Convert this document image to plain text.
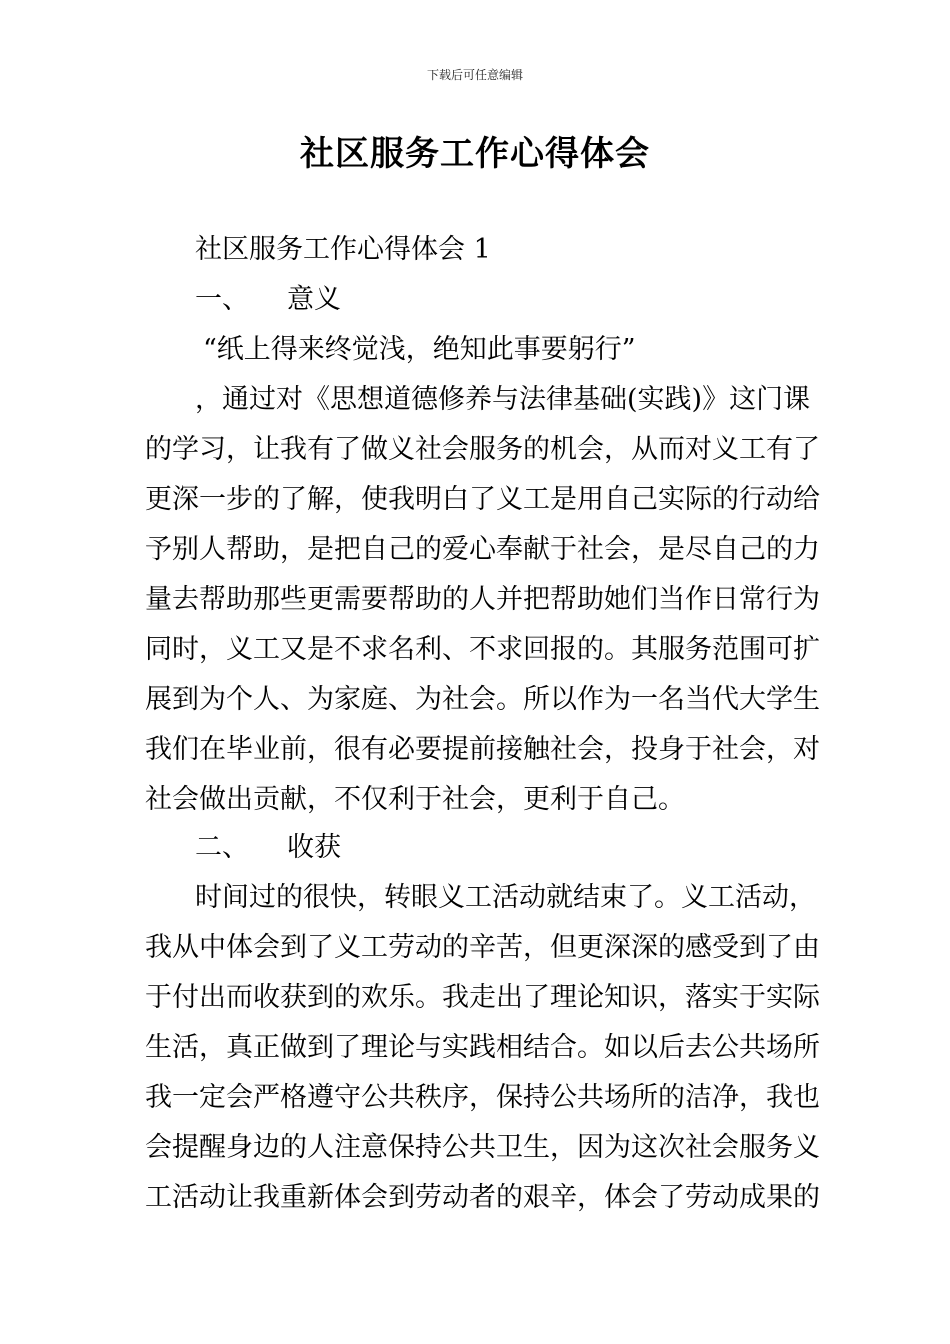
下载后可任意编辑
社区服务工作心得体会
社区服务工作心得体会 1
一、 意义
“纸上得来终觉浅，绝知此事要躬行”
，通过对《思想道德修养与法律基础(实践)》这门课
的学习，让我有了做义社会服务的机会，从而对义工有了
更深一步的了解，使我明白了义工是用自己实际的行动给
予别人帮助，是把自己的爱心奉献于社会，是尽自己的力
量去帮助那些更需要帮助的人并把帮助她们当作日常行为
同时，义工又是不求名利、不求回报的。其服务范围可扩
展到为个人、为家庭、为社会。所以作为一名当代大学生
我们在毕业前，很有必要提前接触社会，投身于社会，对
社会做出贡献，不仅利于社会，更利于自己。
二、 收获
时间过的很快，转眼义工活动就结束了。义工活动，
我从中体会到了义工劳动的辛苦，但更深深的感受到了由
于付出而收获到的欢乐。我走出了理论知识，落实于实际
生活，真正做到了理论与实践相结合。如以后去公共场所
我一定会严格遵守公共秩序，保持公共场所的洁净，我也
会提醒身边的人注意保持公共卫生，因为这次社会服务义
工活动让我重新体会到劳动者的艰辛，体会了劳动成果的
